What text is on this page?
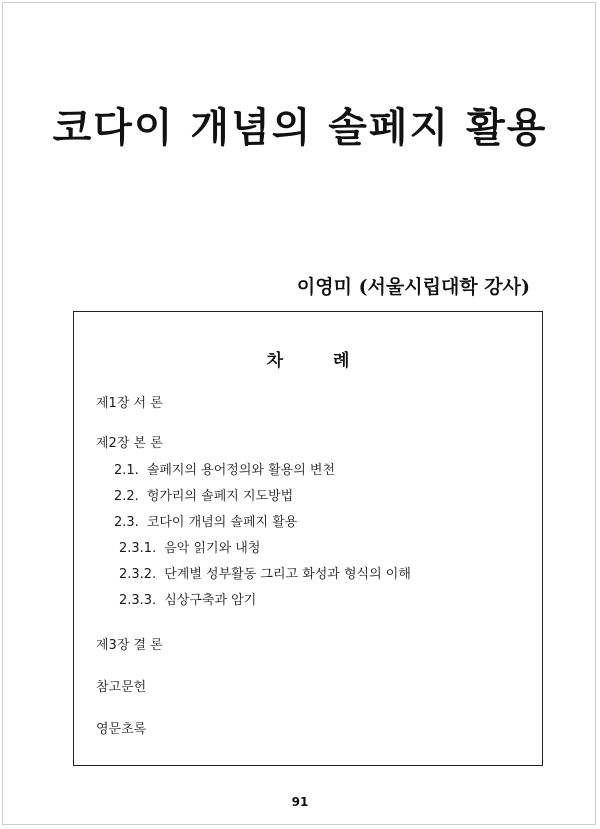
코다이 개념의 솔페지 활용
이영미 (서울시립대학 강사)
차 례
제1장 서 론
제2장 본 론
2.1. 솔페지의 용어정의와 활용의 변천
2.2. 헝가리의 솔페지 지도방법
2.3. 코다이 개념의 솔페지 활용
2.3.1. 음악 읽기와 내청
2.3.2. 단계별 성부활동 그리고 화성과 형식의 이해
2.3.3. 심상구축과 암기
제3장 결 론
참고문헌
영문초록
91
